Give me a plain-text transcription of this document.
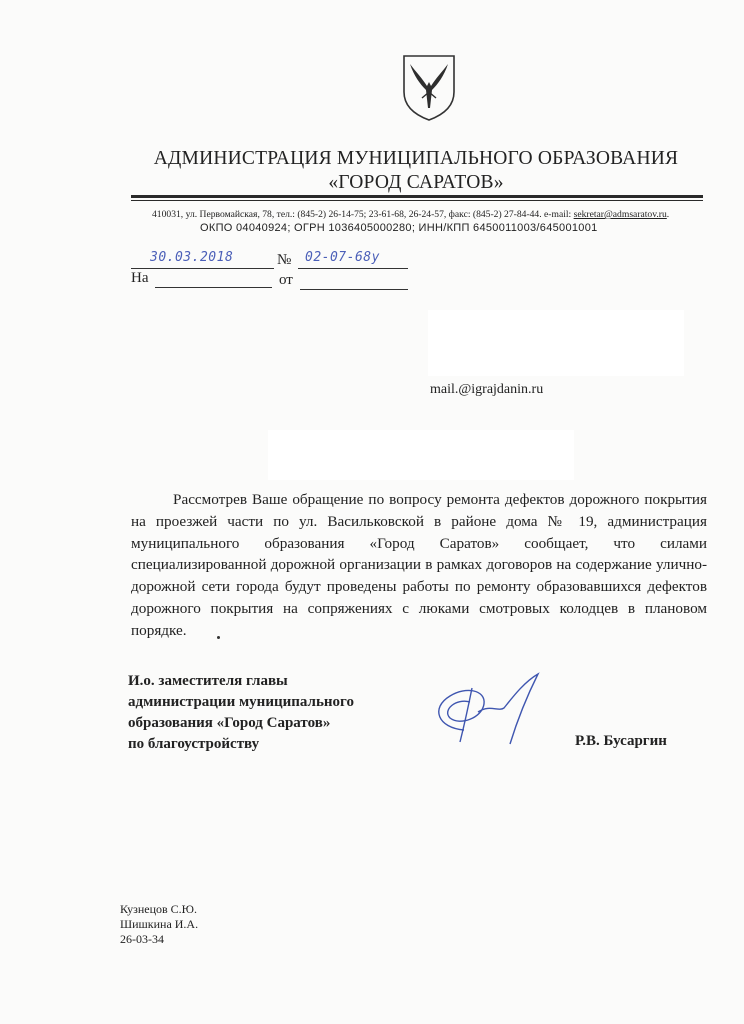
АДМИНИСТРАЦИЯ МУНИЦИПАЛЬНОГО ОБРАЗОВАНИЯ
«ГОРОД САРАТОВ»
410031, ул. Первомайская, 78, тел.: (845-2) 26-14-75; 23-61-68, 26-24-57, факс: (845-2) 27-84-44. e-mail: sekretar@admsaratov.ru.
ОКПО 04040924; ОГРН 1036405000280; ИНН/КПП 6450011003/645001001
30.03.2018	№ 02-07-68у
На	от
mail.@igrajdanin.ru

Рассмотрев Ваше обращение по вопросу ремонта дефектов дорожного покрытия на проезжей части по ул. Васильковской в районе дома № 19, администрация муниципального образования «Город Саратов» сообщает, что силами специализированной дорожной организации в рамках договоров на содержание улично-дорожной сети города будут проведены работы по ремонту образовавшихся дефектов дорожного покрытия на сопряжениях с люками смотровых колодцев в плановом порядке.

И.о. заместителя главы
администрации муниципального
образования «Город Саратов»
по благоустройству	Р.В. Бусаргин
Кузнецов С.Ю.
Шишкина И.А.
26-03-34
